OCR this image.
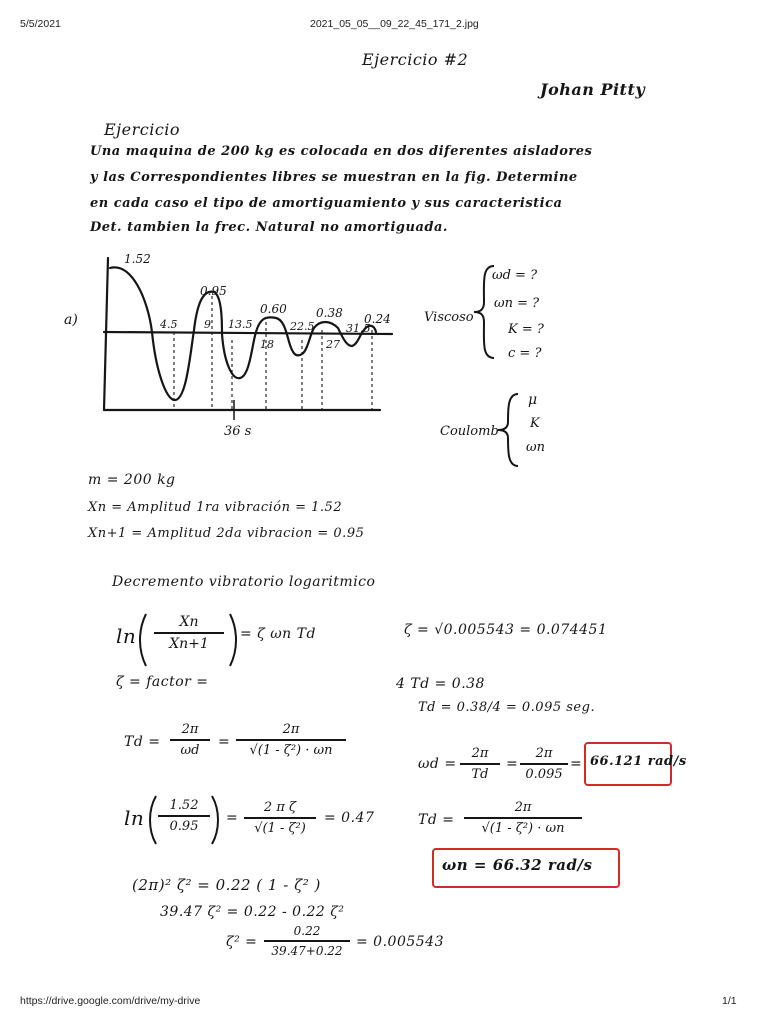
5/5/2021	2021_05_05__09_22_45_171_2.jpg
https://drive.google.com/drive/my-drive	1/1
Ejercicio #2
Johan Pitty
Ejercicio
Una maquina de 200 kg es colocada en dos diferentes aisladores
y las Correspondientes libres se muestran en la fig. Determine
en cada caso el tipo de amortiguamiento y sus caracteristica
Det. tambien la frec. Natural no amortiguada.
a)
1.52
0.95
0.60 0.38 0.24
4.5 9 13.5
18
22.5
27
31.5
36 s
Viscoso
ωd = ?
ωn = ?
K = ?
c = ?
Coulomb
μ
K
ωn
m = 200 kg
Xn = Amplitud 1ra vibración = 1.52
Xn+1 = Amplitud 2da vibracion = 0.95
Decremento vibratorio logaritmico
$\ln \frac{Xn}{Xn+1} = \zeta$ ωn Td
ζ = factor =
$Td = \frac{2\pi}{\omega d} = \frac{2\pi}{\text{√(1 - ζ²) · ωn}}$
$\ln \frac{1.52}{0.95} = \frac{\text{2 π ζ}}{\text{√(1 - ζ²)}} = 0.47$
(2π)² ζ² = 0.22 ( 1 - ζ² )
39.47 ζ² = 0.22 - 0.22 ζ²
$\zeta^2 = \frac{0.22}{39.47+0.22} = 0.005543$
ζ = √0.005543 = 0.074451
4 Td = 0.38
Td = 0.38/4 = 0.095 seg.
$\omega d = \frac{2\pi}{Td} = \frac{2\pi}{0.095} = 66.121$ rad/s
$Td = \frac{2\pi}{\text{√(1 - ζ²) · ωn}}$
ωn = 66.32 rad/s
